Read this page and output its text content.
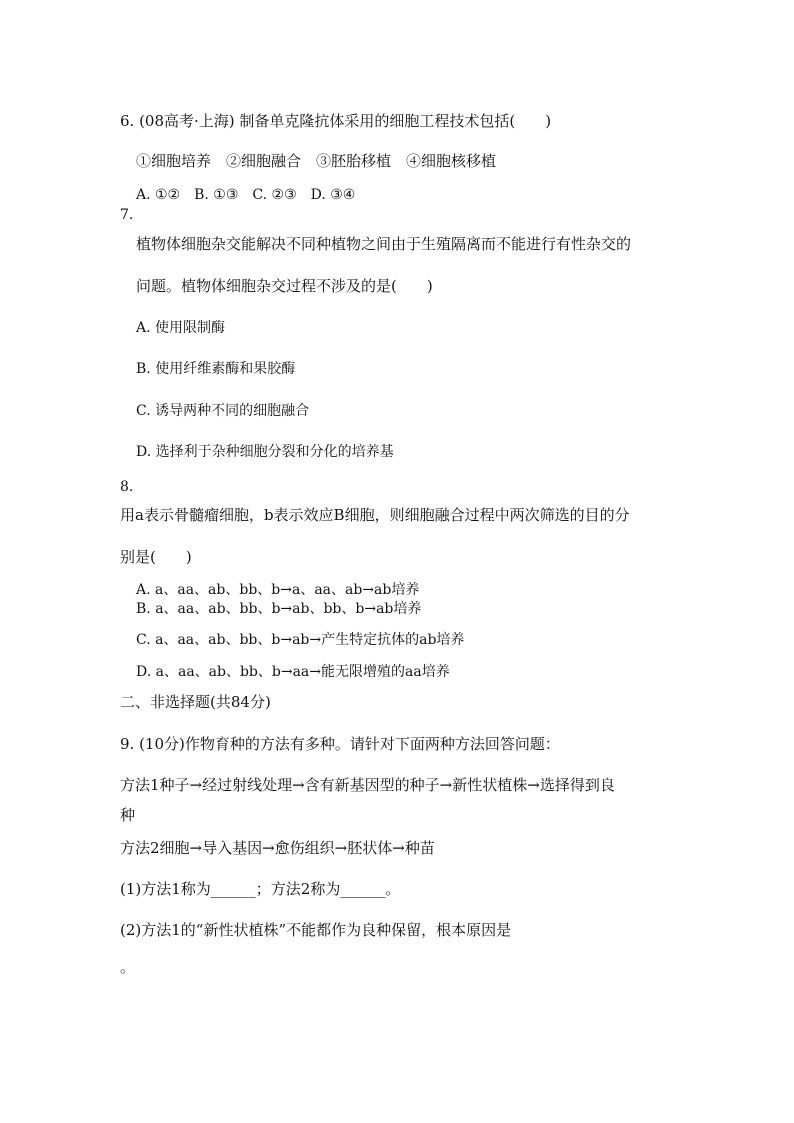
6. (08高考·上海) 制备单克隆抗体采用的细胞工程技术包括(　　)
①细胞培养　②细胞融合　③胚胎移植　④细胞核移植
A. ①②　B. ①③　C. ②③　D. ③④
7.
植物体细胞杂交能解决不同种植物之间由于生殖隔离而不能进行有性杂交的
问题。植物体细胞杂交过程不涉及的是(　　)
A. 使用限制酶
B. 使用纤维素酶和果胶酶
C. 诱导两种不同的细胞融合
D. 选择利于杂种细胞分裂和分化的培养基
8.
用a表示骨髓瘤细胞，b表示效应B细胞，则细胞融合过程中两次筛选的目的分
别是(　　)
A. a、aa、ab、bb、b→a、aa、ab→ab培养
B. a、aa、ab、bb、b→ab、bb、b→ab培养
C. a、aa、ab、bb、b→ab→产生特定抗体的ab培养
D. a、aa、ab、bb、b→aa→能无限增殖的aa培养
二、非选择题(共84分)
9. (10分)作物育种的方法有多种。请针对下面两种方法回答问题：
方法1种子→经过射线处理→含有新基因型的种子→新性状植株→选择得到良
种
方法2细胞→导入基因→愈伤组织→胚状体→种苗
(1)方法1称为______；方法2称为______。
(2)方法1的“新性状植株”不能都作为良种保留，根本原因是
。
